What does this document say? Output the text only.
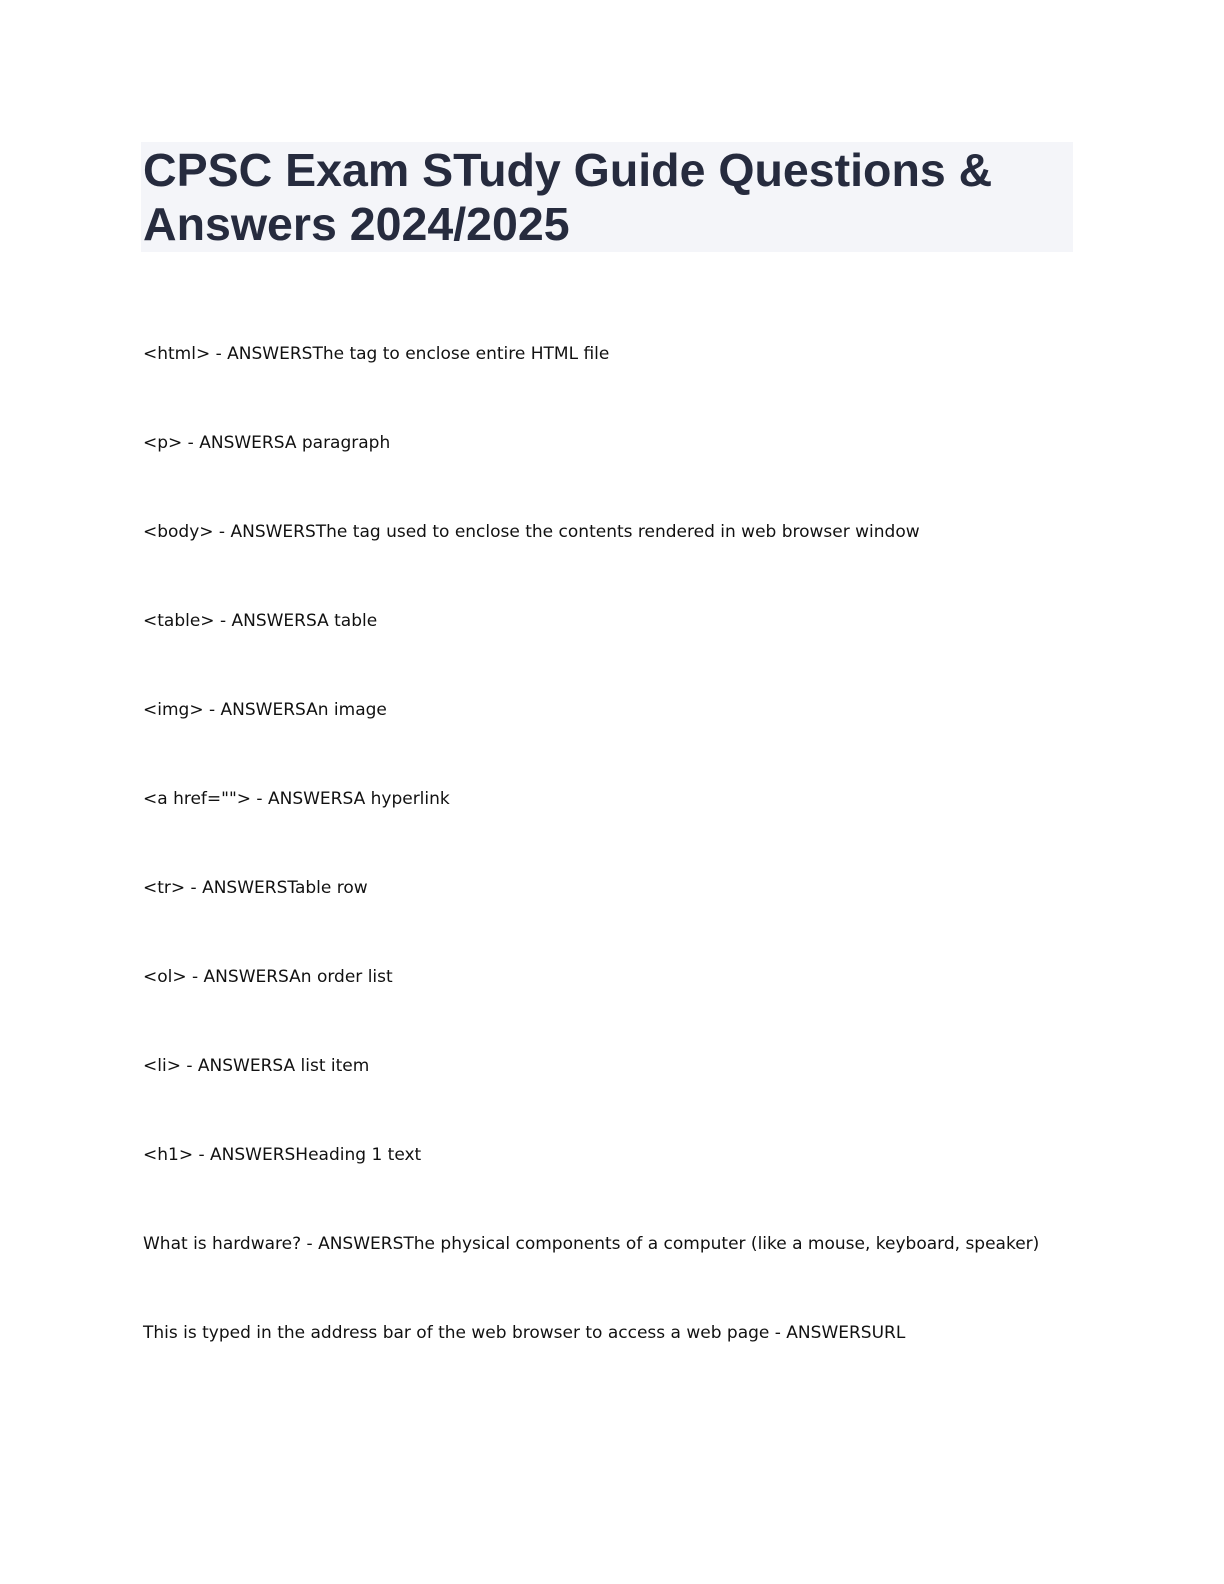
CPSC Exam STudy Guide Questions & Answers 2024/2025
<html> - ANSWERSThe tag to enclose entire HTML file
<p> - ANSWERSA paragraph
<body> - ANSWERSThe tag used to enclose the contents rendered in web browser window
<table> - ANSWERSA table
<img> - ANSWERSAn image
<a href=""> - ANSWERSA hyperlink
<tr> - ANSWERSTable row
<ol> - ANSWERSAn order list
<li> - ANSWERSA list item
<h1> - ANSWERSHeading 1 text
What is hardware? - ANSWERSThe physical components of a computer (like a mouse, keyboard, speaker)
This is typed in the address bar of the web browser to access a web page - ANSWERSURL
